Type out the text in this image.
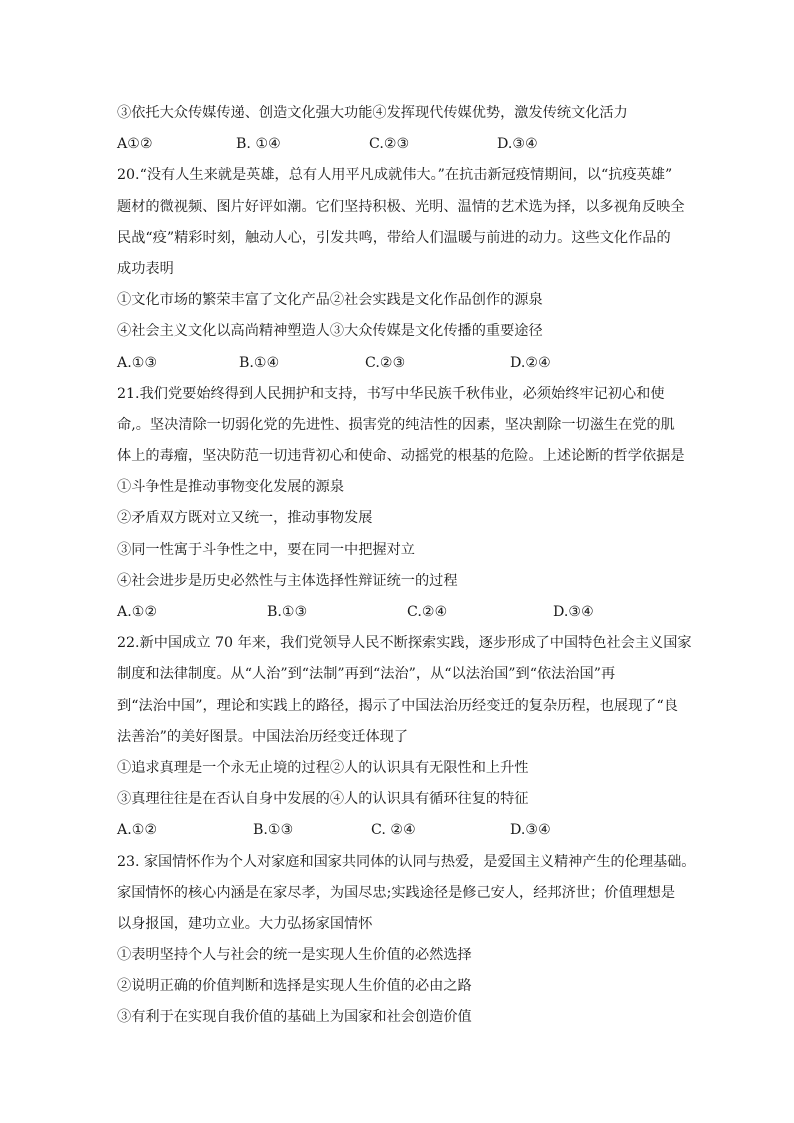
③依托大众传媒传递、创造文化强大功能④发挥现代传媒优势，激发传统文化活力
A①②	B. ①④	C.②③	D.③④
20.“没有人生来就是英雄，总有人用平凡成就伟大。”在抗击新冠疫情期间，以“抗疫英雄”
题材的微视频、图片好评如潮。它们坚持积极、光明、温情的艺术选为择，以多视角反映全
民战“疫”精彩时刻，触动人心，引发共鸣，带给人们温暖与前进的动力。这些文化作品的
成功表明
①文化市场的繁荣丰富了文化产品②社会实践是文化作品创作的源泉
④社会主义文化以高尚精神塑造人③大众传媒是文化传播的重要途径
A.①③	B.①④	C.②③	D.②④
21.我们党要始终得到人民拥护和支持，书写中华民族千秋伟业，必须始终牢记初心和使
命,。坚决清除一切弱化党的先进性、损害党的纯洁性的因素，坚决割除一切滋生在党的肌
体上的毒瘤，坚决防范一切违背初心和使命、动摇党的根基的危险。上述论断的哲学依据是
①斗争性是推动事物变化发展的源泉
②矛盾双方既对立又统一，推动事物发展
③同一性寓于斗争性之中，要在同一中把握对立
④社会进步是历史必然性与主体选择性辩证统一的过程
A.①②	B.①③	C.②④	D.③④
22.新中国成立 70 年来，我们党领导人民不断探索实践，逐步形成了中国特色社会主义国家
制度和法律制度。从“人治”到“法制”再到“法治”，从“以法治国”到“依法治国”再
到“法治中国”，理论和实践上的路径，揭示了中国法治历经变迁的复杂历程，也展现了“良
法善治”的美好图景。中国法治历经变迁体现了
①追求真理是一个永无止境的过程②人的认识具有无限性和上升性
③真理往往是在否认自身中发展的④人的认识具有循环往复的特征
A.①②	B.①③	C. ②④	D.③④
23. 家国情怀作为个人对家庭和国家共同体的认同与热爱，是爱国主义精神产生的伦理基础。
家国情怀的核心内涵是在家尽孝，为国尽忠;实践途径是修己安人，经邦济世；价值理想是
以身报国，建功立业。大力弘扬家国情怀
①表明坚持个人与社会的统一是实现人生价值的必然选择
②说明正确的价值判断和选择是实现人生价值的必由之路
③有利于在实现自我价值的基础上为国家和社会创造价值
